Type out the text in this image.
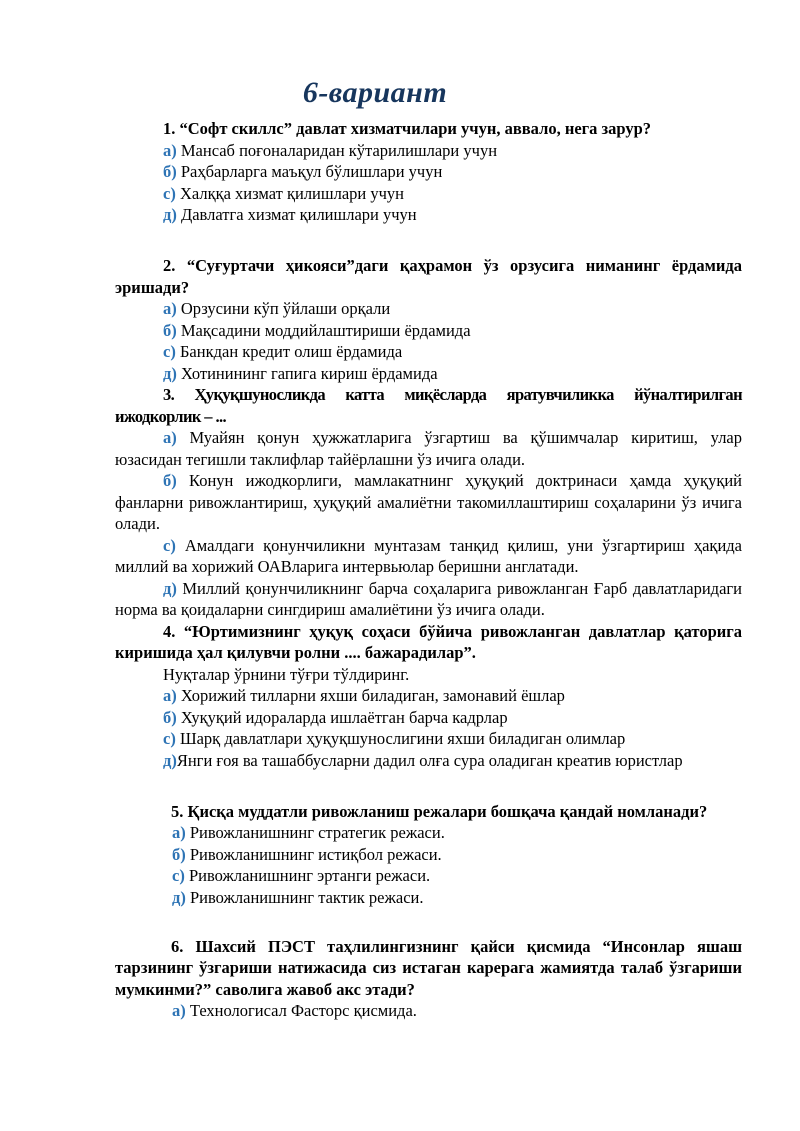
6-вариант
1. “Софт скиллс” давлат хизматчилари учун, аввало, нега зарур?
а) Мансаб поғоналаридан кўтарилишлари учун
б) Раҳбарларга маъқул бўлишлари учун
с) Халққа хизмат қилишлари учун
д) Давлатга хизмат қилишлари учун
2. “Суғуртачи ҳикояси”даги қаҳрамон ўз орзусига нимaнинг ёрдамида эришади?
а) Орзусини кўп ўйлаши орқали
б) Мақсадини моддийлаштириши ёрдамида
с) Банкдан кредит олиш ёрдамида
д) Хотинининг гапига кириш ёрдамида
3. Ҳуқуқшуносликда катта миқёсларда яратувчиликка йўналтирилган ижодкорлик – ...
а) Муайян қонун ҳужжатларига ўзгартиш ва қўшимчалар киритиш, улар юзасидан тегишли таклифлар тайёрлашни ўз ичига олади.
б) Конун ижодкорлиги, мамлакатнинг ҳуқуқий доктринаси ҳамда ҳуқуқий фанларни ривожлантириш, ҳуқуқий амалиётни такомиллаштириш соҳаларини ўз ичига олади.
с) Амалдаги қонунчиликни мунтазам танқид қилиш, уни ўзгартириш ҳақида миллий ва хорижий ОАВларига интервьюлар беришни англатади.
д) Миллий қонунчиликнинг барча соҳаларига ривожланган Ғарб давлатларидаги норма ва қоидаларни сингдириш амалиётини ўз ичига олади.
4. “Юртимизнинг ҳуқуқ соҳаси бўйича ривожланган давлатлар қаторига киришида ҳал қилувчи ролни .... бажарадилар”.
Нуқталар ўрнини тўғри тўлдиринг.
а) Хорижий тилларни яхши биладиган, замонавий ёшлар
б) Хуқуқий идораларда ишлаётган барча кадрлар
с) Шарқ давлатлари ҳуқуқшунослигини яхши биладиган олимлар
д)Янги ғоя ва ташаббусларни дадил олға сура оладиган креатив юристлар
5. Қисқа муддатли ривожланиш режалари бошқача қандай номланади?
а) Ривожланишнинг стратегик режаси.
б) Ривожланишнинг истиқбол режаси.
с) Ривожланишнинг эртанги режаси.
д) Ривожланишнинг тактик режаси.
6. Шахсий ПЭСТ таҳлилингизнинг қайси қисмида “Инсонлар яшаш тарзининг ўзгариши натижасида сиз истаган карерага жамиятда талаб ўзгариши мумкинми?” саволига жавоб акс этади?
а) Технологисал Фасторс қисмида.
